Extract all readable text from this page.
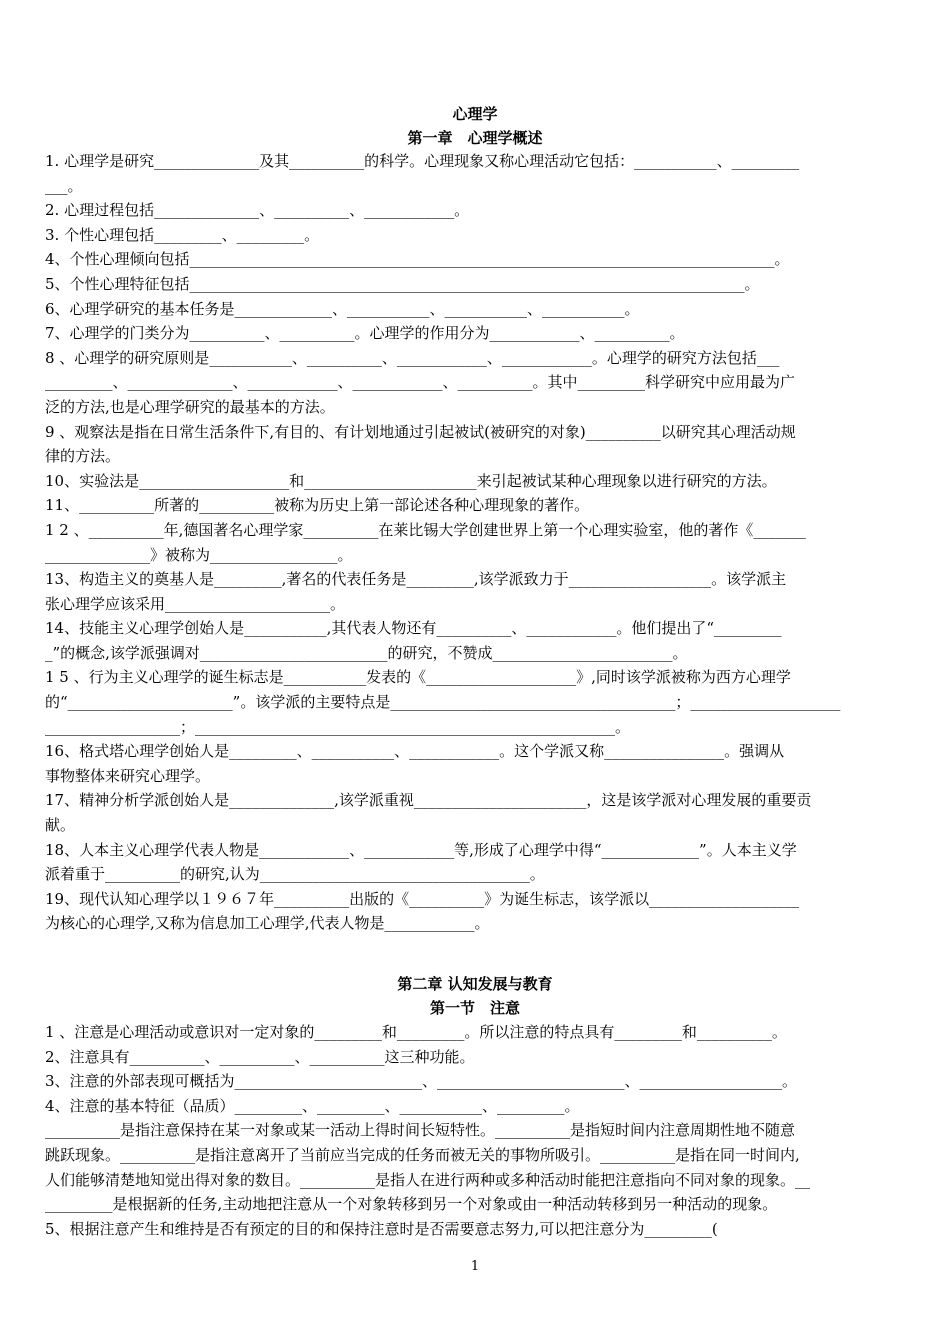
心理学
第一章　心理学概述
1. 心理学是研究______________及其__________的科学。心理现象又称心理活动它包括：___________、_________
___。
2. 心理过程包括______________、__________、____________。
3. 个性心理包括_________、_________。
4、个性心理倾向包括______________________________________________________________________________。
5、个性心理特征包括__________________________________________________________________________。
6、心理学研究的基本任务是_____________、___________、___________、___________。
7、心理学的门类分为__________、__________。心理学的作用分为____________、__________。
8 、心理学的研究原则是___________、__________、____________、____________。心理学的研究方法包括___
_________、______________、____________、____________、__________。其中_________科学研究中应用最为广
泛的方法,也是心理学研究的最基本的方法。
9 、观察法是指在日常生活条件下,有目的、有计划地通过引起被试(被研究的对象)__________以研究其心理活动规
律的方法。
10、实验法是____________________和_______________________来引起被试某种心理现象以进行研究的方法。
11、__________所著的__________被称为历史上第一部论述各种心理现象的著作。
1 2 、__________年,德国著名心理学家__________在莱比锡大学创建世界上第一个心理实验室，他的著作《_______
______________》被称为_________________。
13、构造主义的奠基人是_________,著名的代表任务是_________,该学派致力于___________________。该学派主
张心理学应该采用______________________。
14、技能主义心理学创始人是___________,其代表人物还有__________、____________。他们提出了“_________
_”的概念,该学派强调对_________________________的研究，不赞成________________________。
1 5 、行为主义心理学的诞生标志是___________发表的《____________________》,同时该学派被称为西方心理学
的“______________________”。该学派的主要特点是______________________________________；____________________
__________________；________________________________________________________。
16、格式塔心理学创始人是_________、___________、____________。这个学派又称________________。强调从
事物整体来研究心理学。
17、精神分析学派创始人是______________,该学派重视_______________________，这是该学派对心理发展的重要贡
献。
18、人本主义心理学代表人物是____________、____________等,形成了心理学中得“_____________”。人本主义学
派着重于__________的研究,认为____________________________________。
19、现代认知心理学以１９６７年__________出版的《__________》为诞生标志，该学派以____________________
为核心的心理学,又称为信息加工心理学,代表人物是____________。
第二章 认知发展与教育
第一节　注意
1 、注意是心理活动或意识对一定对象的_________和_________。所以注意的特点具有_________和__________。
2、注意具有__________、__________、__________这三种功能。
3、注意的外部表现可概括为_________________________、_________________________、___________________。
4、注意的基本特征（品质）_________、_________、___________、_________。
__________是指注意保持在某一对象或某一活动上得时间长短特性。__________是指短时间内注意周期性地不随意
跳跃现象。__________是指注意离开了当前应当完成的任务而被无关的事物所吸引。__________是指在同一时间内,
人们能够清楚地知觉出得对象的数目。__________是指人在进行两种或多种活动时能把注意指向不同对象的现象。__
_________是根据新的任务,主动地把注意从一个对象转移到另一个对象或由一种活动转移到另一种活动的现象。
5、根据注意产生和维持是否有预定的目的和保持注意时是否需要意志努力,可以把注意分为_________(
1
